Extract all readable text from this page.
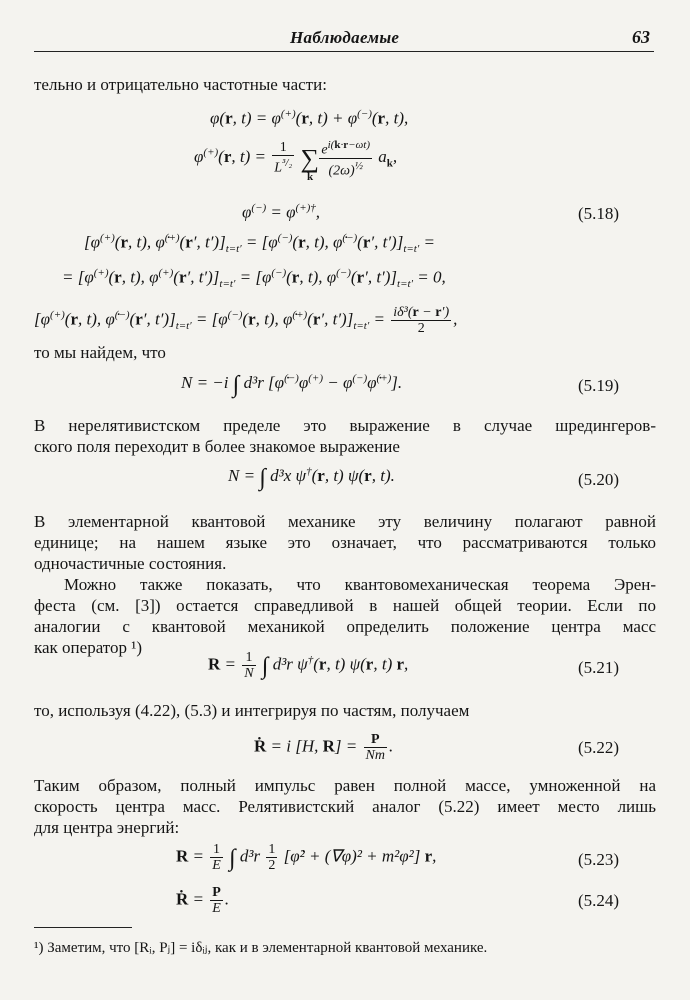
Наблюдаемые	63
тельно и отрицательно частотные части:
φ(r, t) = φ(+)(r, t) + φ(−)(r, t),
φ(+)(r, $t) = \frac{1}{L^{^3/_2}} \sum_k \frac{e^{i(k\cdot r-\omega t)}}{(2\omega)^{\frac{1}{2}}} a_k$,
φ(−) = φ(+)†,	(5.18)
[φ(+)(r, t), φ̇(+)(r′, $t')]_{t=t'} = [\varphi^{(-)}(r$, t), φ̇(−)(r′, $t')]_{t=t'}$ =
= [φ(+)(r, t), φ(+)(r′, $t')]_{t=t'} = [\varphi^{(-)}(r$, t), φ(−)(r′, $t')]_{t=t'} = 0$,
[φ(+)(r, t), φ̇(−)(r′, $t')]_{t=t'} = [\varphi^{(-)}(r$, t), φ̇(+)(r′, $t')]_{t=t'} = \frac{\text{iδ³(r − r′)}}{2}$ ,
то мы найдем, что
N = −i ∫ d³r [φ̇(−)φ(+) − φ(−)φ̇(+)].	(5.19)
В нерелятивистском пределе это выражение в случае шредингеров-
ского поля переходит в более знакомое выражение
N = ∫ d³x ψ†(r, t) ψ(r, t).	(5.20)
В элементарной квантовой механике эту величину полагают равной
единице; на нашем языке это означает, что рассматриваются только
одночастичные состояния.
Можно также показать, что квантовомеханическая теорема Эрен-
феста (см. [3]) остается справедливой в нашей общей теории. Если по
аналогии с квантовой механикой определить положение центра масс
как оператор ¹)
$R = \frac{1}{N}$ ∫ d³r ψ†(r, t) ψ(r, t) r,	(5.21)
то, используя (4.22), (5.3) и интегрируя по частям, получаем
Ṙ = i [H, $R] = \frac{P}{Nm}$ .	(5.22)
Таким образом, полный импульс равен полной массе, умноженной на
скорость центра масс. Релятивистский аналог (5.22) имеет место лишь
для центра энергий:
$R = \frac{1}{E}$ ∫ $d^3r \frac{1}{2}$ [φ̇² + (∇φ)² + m²φ²] r,	(5.23)
Ṙ = $\frac{P}{E}$ .	(5.24)
¹) Заметим, что [Rᵢ, Pⱼ] = iδᵢⱼ, как и в элементарной квантовой механике.
